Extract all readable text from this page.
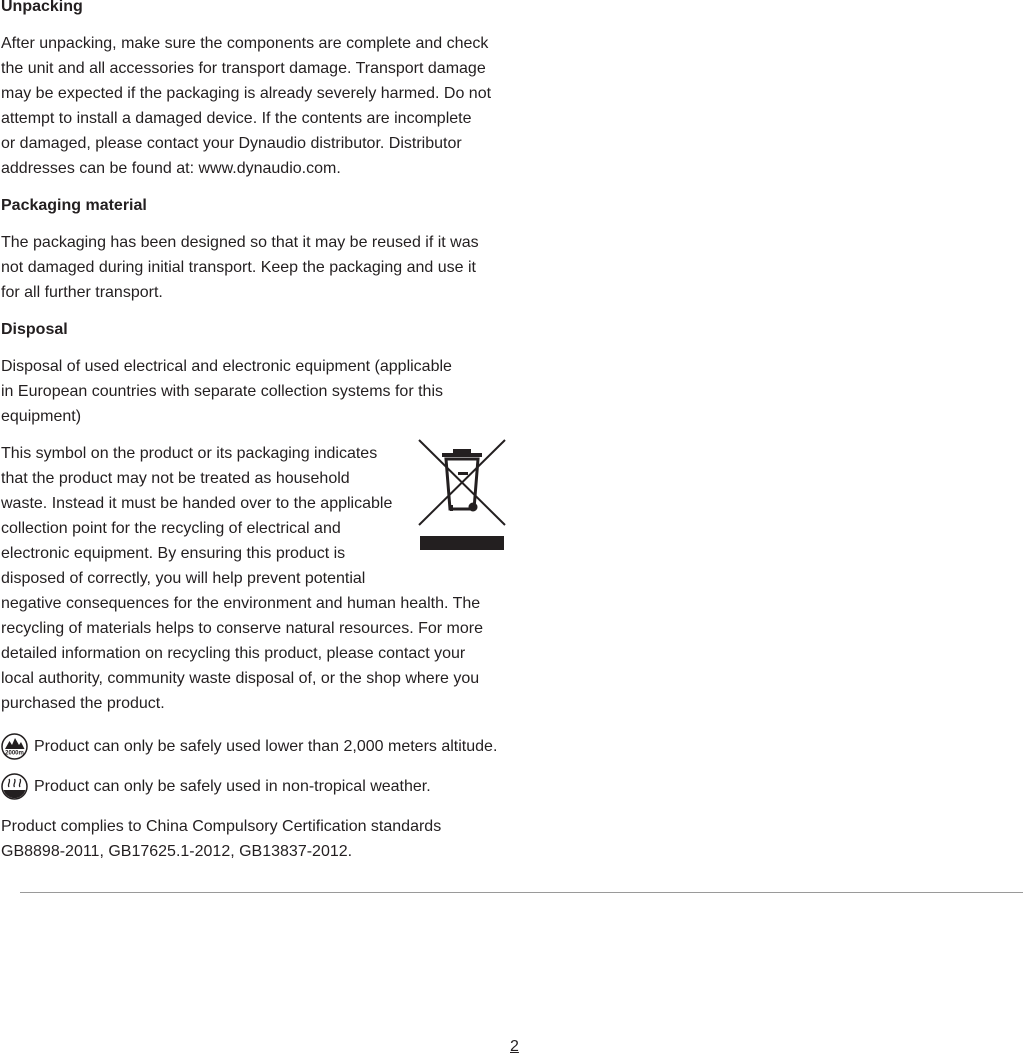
Unpacking

After unpacking, make sure the components are complete and check

the unit and all accessories for transport damage. Transport damage

may be expected if the packaging is already severely harmed. Do not

attempt to install a damaged device. If the contents are incomplete

or damaged, please contact your Dynaudio distributor. Distributor

addresses can be found at: www.dynaudio.com.

Packaging material

The packaging has been designed so that it may be reused if it was

not damaged during initial transport. Keep the packaging and use it

for all further transport.

Disposal

Disposal of used electrical and electronic equipment (applicable

in European countries with separate collection systems for this

equipment)

This symbol on the product or its packaging indicates

that the product may not be treated as household

waste. Instead it must be handed over to the applicable

collection point for the recycling of electrical and

electronic equipment. By ensuring this product is

disposed of correctly, you will help prevent potential

negative consequences for the environment and human health. The

recycling of materials helps to conserve natural resources. For more

detailed information on recycling this product, please contact your

local authority, community waste disposal of, or the shop where you

purchased the product.

2000m Product can only be safely used lower than 2,000 meters altitude.
Product can only be safely used in non-tropical weather.

Product complies to China Compulsory Certification standards

GB8898-2011, GB17625.1-2012, GB13837-2012.

2
